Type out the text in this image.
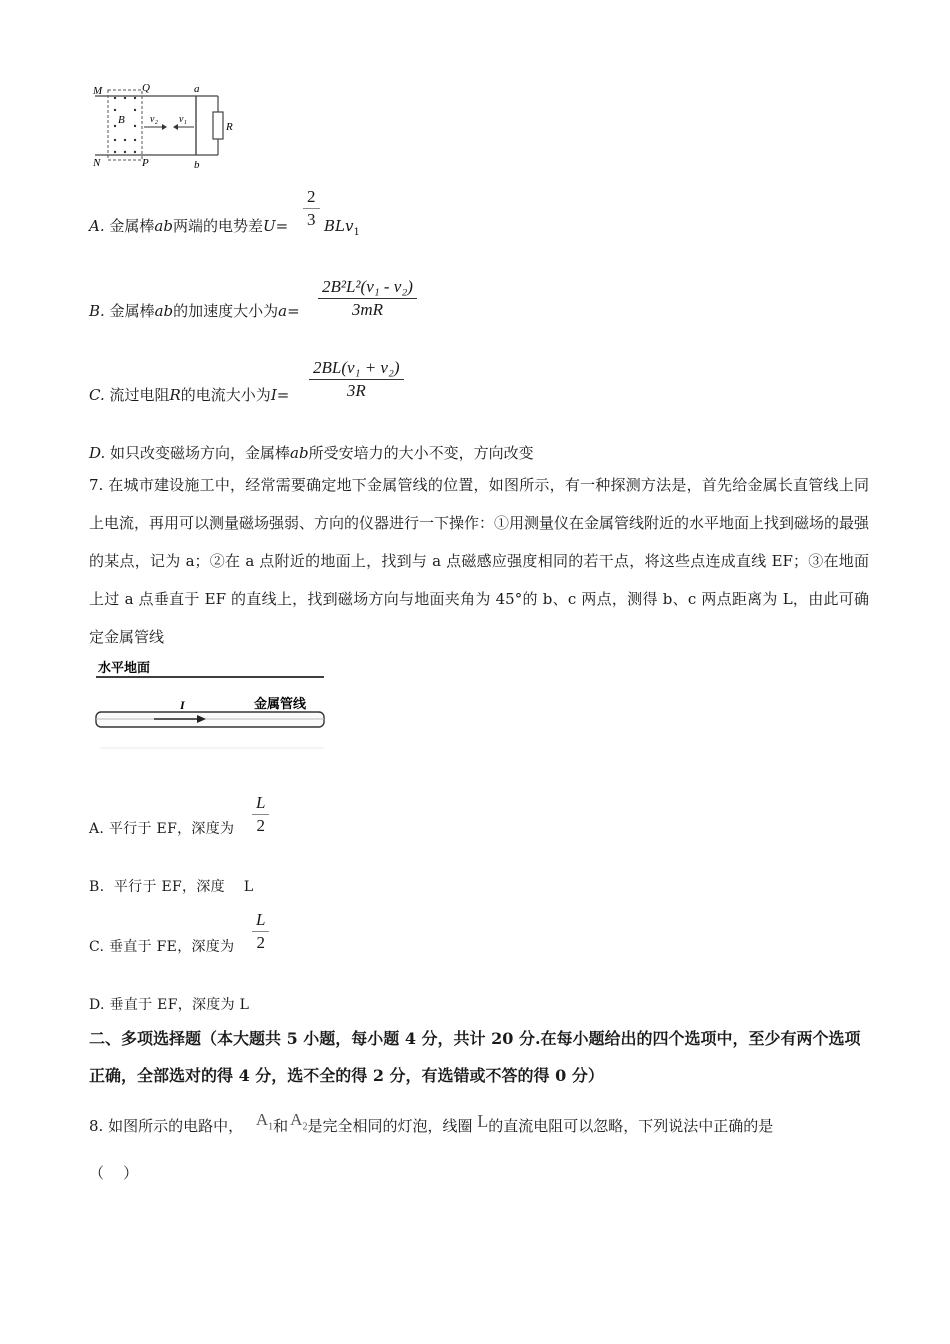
M	Q
N	P
B	v₂ v₁
a
b
R
A. 金属棒ab两端的电势差$U= \frac{2}{3} BLv_1$
B. 金属棒ab的加速度大小为$a= \frac{\text{2B²L²(v₁ - v₂)}}{3mR}$
C. 流过电阻R的电流大小为$I= \frac{\text{2BL(v₁ + v₂)}}{3R}$
D. 如只改变磁场方向，金属棒ab所受安培力的大小不变，方向改变
7. 在城市建设施工中，经常需要确定地下金属管线的位置，如图所示，有一种探测方法是，首先给金属长直管线上同上电流，再用可以测量磁场强弱、方向的仪器进行一下操作：①用测量仪在金属管线附近的水平地面上找到磁场的最强的某点，记为 a；②在 a 点附近的地面上，找到与 a 点磁感应强度相同的若干点，将这些点连成直线 EF；③在地面上过 a 点垂直于 EF 的直线上，找到磁场方向与地面夹角为 45°的 b、c 两点，测得 b、c 两点距离为 L，由此可确定金属管线
水平地面
I	金属管线
A. 平行于 EF，深度为 $\frac{L}{2}$
B.  平行于 EF，深度    L
C. 垂直于 FE，深度为 $\frac{L}{2}$
D. 垂直于 EF，深度为 L
二、多项选择题（本大题共 5 小题，每小题 4 分，共计 20 分.在每小题给出的四个选项中，至少有两个选项正确，全部选对的得 4 分，选不全的得 2 分，有选错或不答的得 0 分）
8. 如图所示的电路中， $A_1$和 $A_2$是完全相同的灯泡，线圈 L的直流电阻可以忽略，下列说法中正确的是
（    ）
